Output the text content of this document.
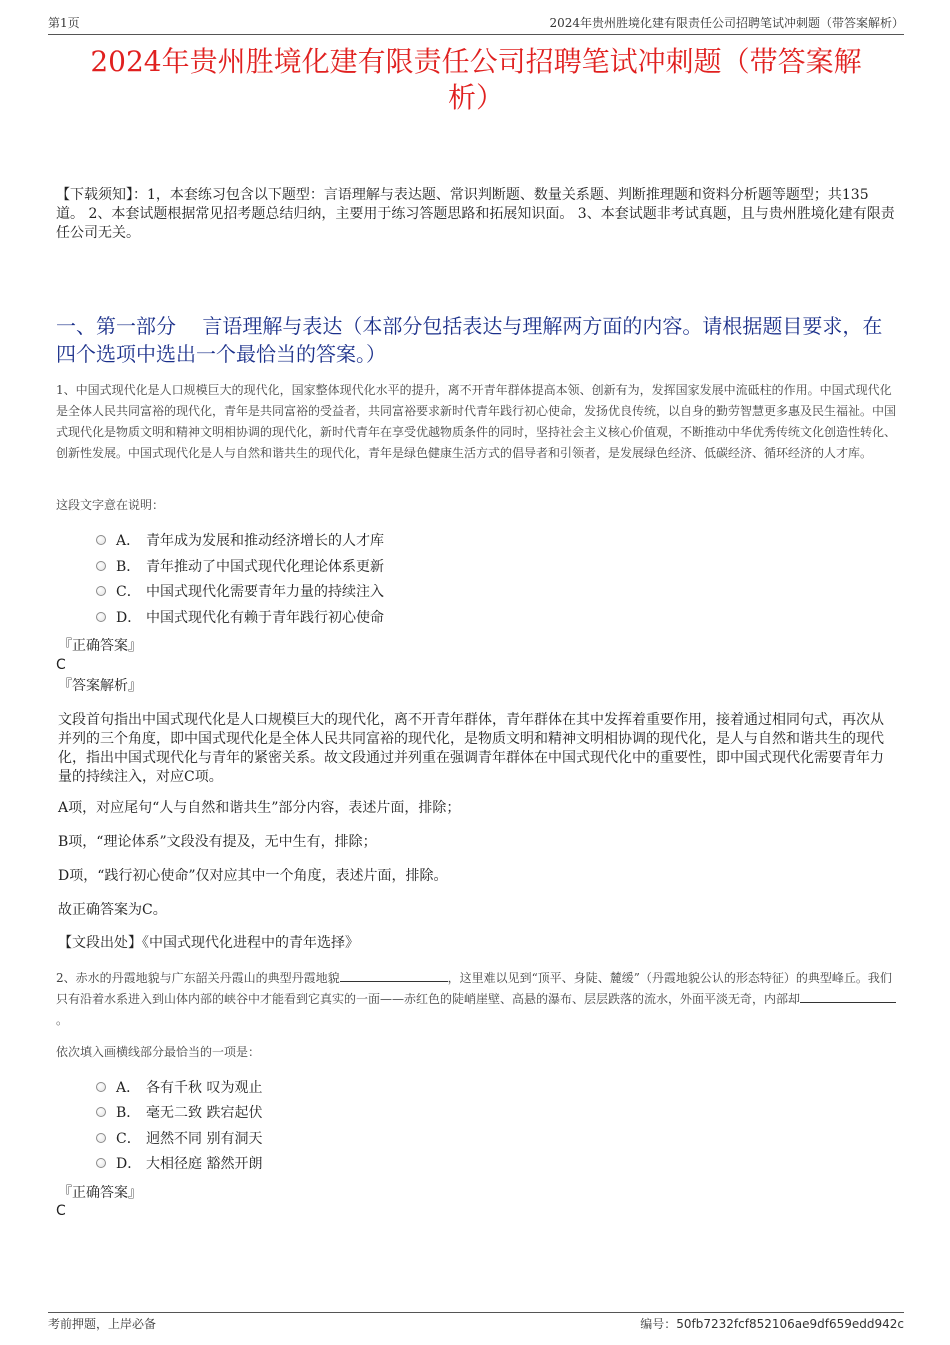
第1页	2024年贵州胜境化建有限责任公司招聘笔试冲刺题（带答案解析）
2024年贵州胜境化建有限责任公司招聘笔试冲刺题（带答案解
析）
【下载须知】：1，本套练习包含以下题型：言语理解与表达题、常识判断题、数量关系题、判断推理题和资料分析题等题型；共135道。 2、本套试题根据常见招考题总结归纳，主要用于练习答题思路和拓展知识面。 3、本套试题非考试真题，且与贵州胜境化建有限责任公司无关。
一、第一部分　 言语理解与表达（本部分包括表达与理解两方面的内容。请根据题目要求，在四个选项中选出一个最恰当的答案。）
1、中国式现代化是人口规模巨大的现代化，国家整体现代化水平的提升，离不开青年群体提高本领、创新有为，发挥国家发展中流砥柱的作用。中国式现代化是全体人民共同富裕的现代化，青年是共同富裕的受益者，共同富裕要求新时代青年践行初心使命，发扬优良传统，以自身的勤劳智慧更多惠及民生福祉。中国式现代化是物质文明和精神文明相协调的现代化，新时代青年在享受优越物质条件的同时，坚持社会主义核心价值观，不断推动中华优秀传统文化创造性转化、创新性发展。中国式现代化是人与自然和谐共生的现代化，青年是绿色健康生活方式的倡导者和引领者，是发展绿色经济、低碳经济、循环经济的人才库。
这段文字意在说明：
A． 青年成为发展和推动经济增长的人才库
B． 青年推动了中国式现代化理论体系更新
C． 中国式现代化需要青年力量的持续注入
D． 中国式现代化有赖于青年践行初心使命
『正确答案』
C
『答案解析』
文段首句指出中国式现代化是人口规模巨大的现代化，离不开青年群体，青年群体在其中发挥着重要作用，接着通过相同句式，再次从并列的三个角度，即中国式现代化是全体人民共同富裕的现代化，是物质文明和精神文明相协调的现代化，是人与自然和谐共生的现代化，指出中国式现代化与青年的紧密关系。故文段通过并列重在强调青年群体在中国式现代化中的重要性，即中国式现代化需要青年力量的持续注入，对应C项。
A项，对应尾句“人与自然和谐共生”部分内容，表述片面，排除；
B项，“理论体系”文段没有提及，无中生有，排除；
D项，“践行初心使命”仅对应其中一个角度，表述片面，排除。
故正确答案为C。
【文段出处】《中国式现代化进程中的青年选择》
2、赤水的丹霞地貌与广东韶关丹霞山的典型丹霞地貌	，这里难以见到“顶平、身陡、麓缓”（丹霞地貌公认的形态特征）的典型峰丘。我们只有沿着水系进入到山体内部的峡谷中才能看到它真实的一面——赤红色的陡峭崖壁、高悬的瀑布、层层跌落的流水，外面平淡无奇，内部却。
依次填入画横线部分最恰当的一项是：
A． 各有千秋 叹为观止
B． 毫无二致 跌宕起伏
C． 迥然不同 别有洞天
D． 大相径庭 豁然开朗
『正确答案』
C
考前押题，上岸必备	编号：50fb7232fcf852106ae9df659edd942c
